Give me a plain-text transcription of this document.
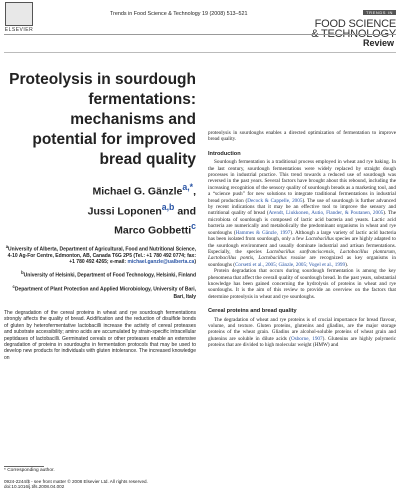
ELSEVIER
Trends in Food Science & Technology 19 (2008) 513–521	TRENDS IN
FOOD SCIENCE
& TECHNOLOGY
Review
Proteolysis in sourdough fermentations: mechanisms and potential for improved bread quality
Michael G. Gänzle$^{a,*}$,
Jussi Loponen$^{a,b}$ and
Marco Gobbetti$^c$
$^a$University of Alberta, Department of Agricultural, Food and Nutritional Science, 4-10 Ag-For Centre, Edmonton, AB, Canada T6G 2P5 (Tel.: +1 780 492 0774; fax: +1 780 492 4265; e-mail: michael.ganzle@ualberta.ca)
$^b$University of Helsinki, Department of Food Technology, Helsinki, Finland
$^c$Department of Plant Protection and Applied Microbiology, University of Bari, Bari, Italy
The degradation of the cereal proteins in wheat and rye sourdough fermentations strongly affects the quality of bread. Acidification and the reduction of disulfide bonds of gluten by heterofermentative lactobacilli increase the activity of cereal proteases and substrate accessibility; amino acids are accumulated by strain-specific intracellular peptidases of lactobacilli. Germinated cereals or other proteases enable an extensive degradation of proteins in sourdoughs in fermentation protocols that may be used to develop new products for individuals with gluten intolerance. The increased knowledge on

proteolysis in sourdoughs enables a directed optimization of fermentation to improve bread quality.

Introduction

Sourdough fermentation is a traditional process employed in wheat and rye baking. In the last century, sourdough fermentations were widely replaced by straight dough processes in industrial practice. This trend towards a reduced use of sourdough was reversed in the past years. Several factors have brought about this rebound, including the increasing recognition of the sensory quality of sourdough breads as a marketing tool, and a “science push” for new solutions to integrate traditional fermentations in industrial bread production (Decock & Cappelle, 2005). The use of sourdough is further advanced by recent indications that it may be an effective tool to improve the sensory and nutritional quality of bread (Arendt, Liukkonen, Autio, Flander, & Poutanen, 2005). The microbiota of sourdough is composed of lactic acid bacteria and yeasts. Lactic acid bacteria are numerically and metabolically the predominant organisms in wheat and rye sourdoughs (Hammes & Gänzle, 1997). Although a large variety of lactic acid bacteria has been isolated from sourdough, only a few Lactobacillus species are highly adapted to the sourdough environment and usually dominate industrial and artisan fermentations. Especially, the species Lactobacillus sanfranciscensis, Lactobacillus plantarum, Lactobacillus pontis, Lactobacillus rossiae are recognized as key organisms in sourdoughs (Corsetti et al., 2005; Gänzle, 2005; Vogel et al., 1999).

Protein degradation that occurs during sourdough fermentation is among the key phenomena that affect the overall quality of sourdough bread. In the past years, substantial knowledge has been gained concerning the hydrolysis of proteins in wheat and rye sourdoughs. It is the aim of this review to provide an overview on the factors that determine proteolysis in wheat and rye sourdoughs.

Cereal proteins and bread quality

The degradation of wheat and rye proteins is of crucial importance for bread flavour, volume, and texture. Gluten proteins, glutenins and gliadins, are the major storage proteins of the wheat grain. Gliadins are alcohol-soluble proteins of wheat grain and glutenins are soluble in dilute acids (Osborne, 1907). Glutenins are highly polymeric proteins that are divided to high molecular weight (HMW) and

* Corresponding author.
0924-2244/$ - see front matter © 2008 Elsevier Ltd. All rights reserved.
doi:10.1016/j.tifs.2008.04.002
